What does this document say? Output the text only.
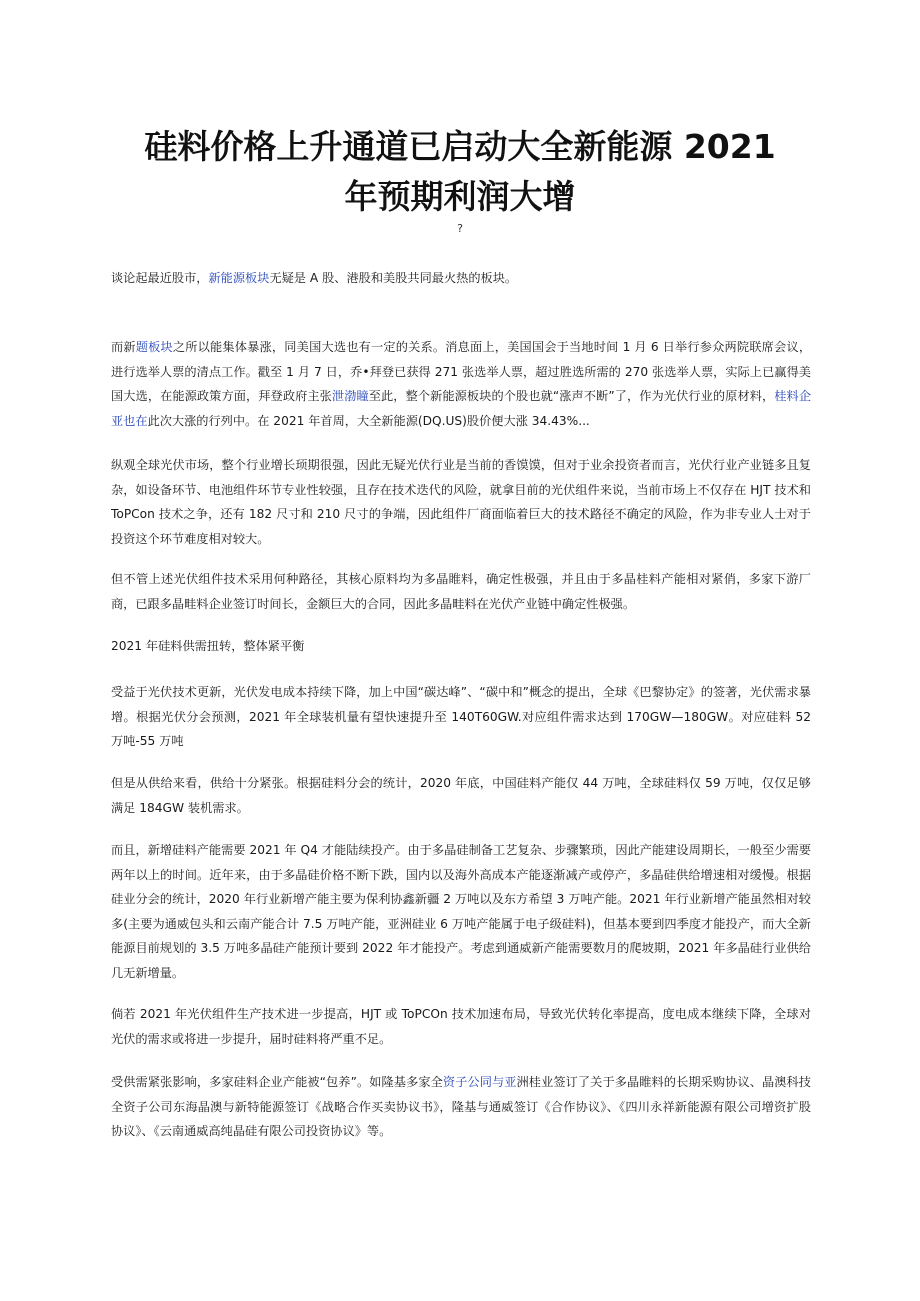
硅料价格上升通道已启动大全新能源 2021
年预期利润大增
?

谈论起最近股市，新能源板块无疑是 A 股、港股和美股共同最火热的板块。

而新题板块之所以能集体暴涨，同美国大选也有一定的关系。消息面上，美国国会于当地时间 1 月 6 日举行参众两院联席会议，进行选举人票的清点工作。戳至 1 月 7 日，乔•拜登已获得 271 张选举人票，超过胜选所需的 270 张选举人票，实际上已赢得美国大选，在能源政策方面，拜登政府主张泄渤瞳至此，整个新能源板块的个股也就“涨声不断”了，作为光伏行业的原材料，桂料企亚也在此次大涨的行列中。在 2021 年首周，大全新能源(DQ.US)股价便大涨 34.43%...

纵观全球光伏市场，整个行业增长顼期很强，因此无疑光伏行业是当前的香馍馍，但对于业余投资者而言，光伏行业产业链多且复杂，如设备环节、电池组件环节专业性较强，且存在技术迭代的风险，就拿目前的光伏组件来说，当前市场上不仅存在 HJT 技术和 ToPCon 技术之争，还有 182 尺寸和 210 尺寸的争端，因此组件厂商面临着巨大的技术路径不确定的风险，作为非专业人士对于投资这个环节难度相对较大。

但不管上述光伏组件技术采用何种路径，其核心原料均为多晶睢料，确定性极强，并且由于多晶桂料产能相对紧俏，多家下游厂商，已跟多晶畦料企业签订时间长，金额巨大的合同，因此多晶畦料在光伏产业链中确定性极强。

2021 年硅料供需扭转，整体紧平衡

受益于光伏技术更新，光伏发电成本持续下降，加上中国“碳达峰”、“碳中和”概念的提出，全球《巴黎协定》的签著，光伏需求暴增。根据光伏分会预测，2021 年全球装机量有望快速提升至 140T60GW.对应组件需求达到 170GW—180GW。对应硅料 52 万吨-55 万吨

但是从供给来看，供给十分紧张。根据硅料分会的统计，2020 年底，中国硅料产能仅 44 万吨，全球硅料仅 59 万吨，仅仅足够满足 184GW 装机需求。

而且，新增硅料产能需要 2021 年 Q4 才能陆续投产。由于多晶硅制备工艺复杂、步骤繁琐，因此产能建设周期长，一般至少需要两年以上的时间。近年来，由于多晶硅价格不断下跌，国内以及海外高成本产能逐渐减产或停产，多晶硅供给增速相对缓慢。根据硅业分会的统计，2020 年行业新增产能主要为保利协鑫新疆 2 万吨以及东方希望 3 万吨产能。2021 年行业新增产能虽然相对较多(主要为通威包头和云南产能合计 7.5 万吨产能，亚洲硅业 6 万吨产能属于电子级硅料)，但基本要到四季度才能投产，而大全新能源目前规划的 3.5 万吨多晶硅产能预计要到 2022 年才能投产。考虑到通威新产能需要数月的爬坡期，2021 年多晶硅行业供给几无新增量。

倘若 2021 年光伏组件生产技术进一步提高，HJT 或 ToPCOn 技术加速布局，导致光伏转化率提高，度电成本继续下降，全球对光伏的需求或将进一步提升，届时硅料将严重不足。

受供需紧张影响，多家硅料企业产能被“包养”。如隆基多家全资子公同与亚洲桂业签订了关于多晶睢料的长期采购协议、晶澳科技全资子公司东海晶澳与新特能源签订《战略合作买卖协议书》，隆基与通威签订《合作协议》、《四川永祥新能源有限公司增资扩股协议》、《云南通威高纯晶硅有限公司投资协议》等。
